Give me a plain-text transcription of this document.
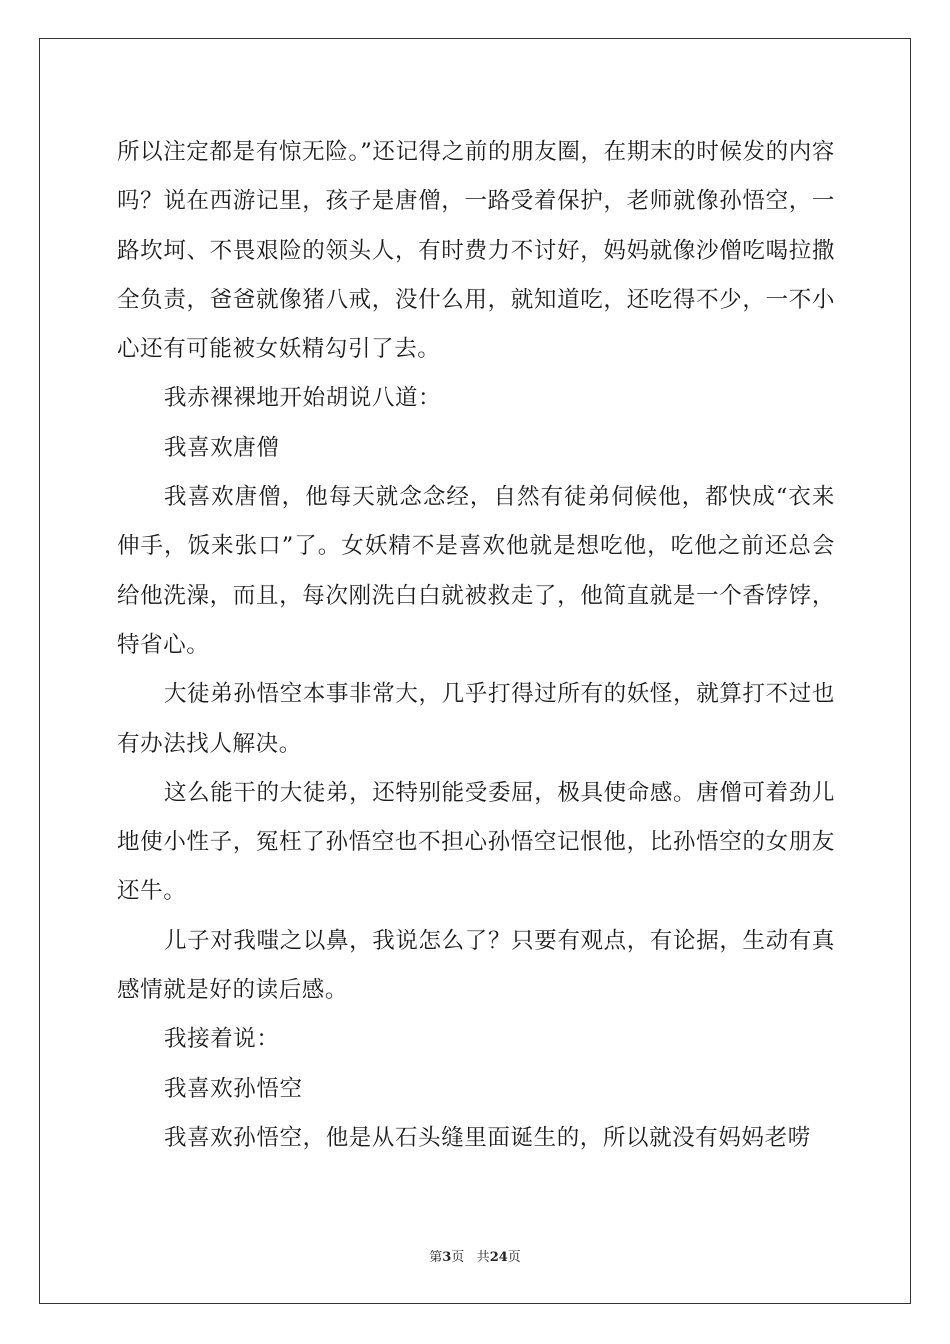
所以注定都是有惊无险。”还记得之前的朋友圈，在期末的时候发的内容吗？说在西游记里，孩子是唐僧，一路受着保护，老师就像孙悟空，一路坎坷、不畏艰险的领头人，有时费力不讨好，妈妈就像沙僧吃喝拉撒全负责，爸爸就像猪八戒，没什么用，就知道吃，还吃得不少，一不小心还有可能被女妖精勾引了去。

我赤裸裸地开始胡说八道：

我喜欢唐僧

我喜欢唐僧，他每天就念念经，自然有徒弟伺候他，都快成“衣来伸手，饭来张口”了。女妖精不是喜欢他就是想吃他，吃他之前还总会给他洗澡，而且，每次刚洗白白就被救走了，他简直就是一个香饽饽，特省心。

大徒弟孙悟空本事非常大，几乎打得过所有的妖怪，就算打不过也有办法找人解决。

这么能干的大徒弟，还特别能受委屈，极具使命感。唐僧可着劲儿地使小性子，冤枉了孙悟空也不担心孙悟空记恨他，比孙悟空的女朋友还牛。

儿子对我嗤之以鼻，我说怎么了？只要有观点，有论据，生动有真感情就是好的读后感。

我接着说：

我喜欢孙悟空

我喜欢孙悟空，他是从石头缝里面诞生的，所以就没有妈妈老唠

第3页 共24页
